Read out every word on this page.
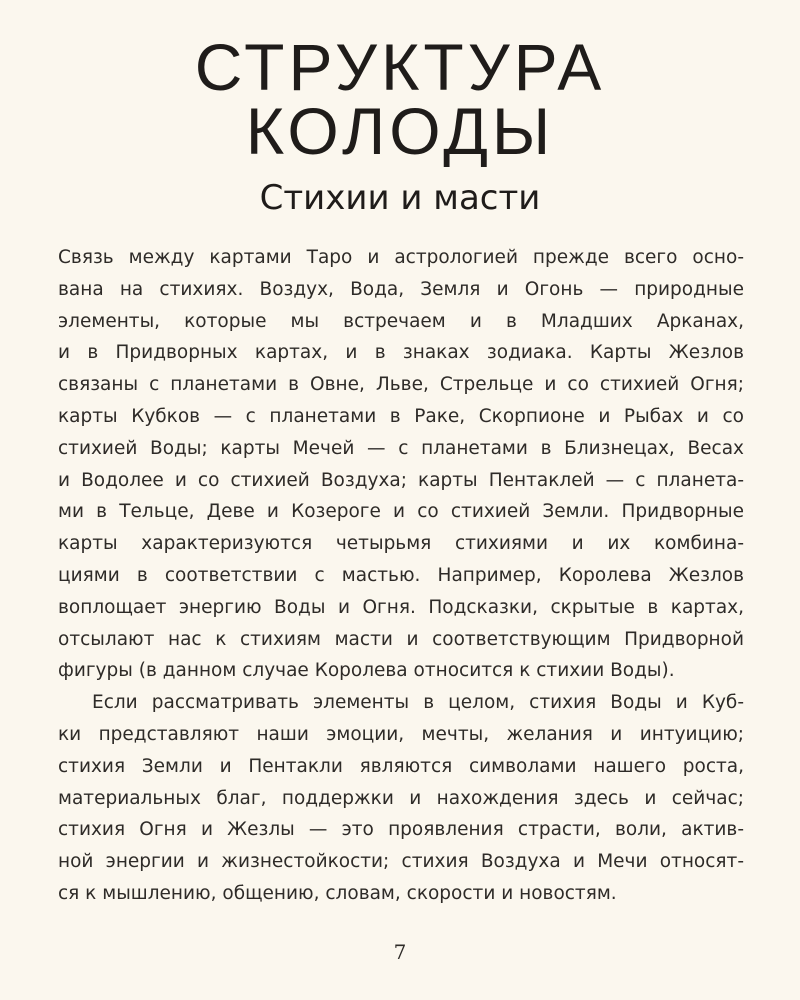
СТРУКТУРА
КОЛОДЫ
Стихии и масти
Связь между картами Таро и астрологией прежде всего осно-
вана на стихиях. Воздух, Вода, Земля и Огонь — природные
элементы, которые мы встречаем и в Младших Арканах,
и в Придворных картах, и в знаках зодиака. Карты Жезлов
связаны с планетами в Овне, Льве, Стрельце и со стихией Огня;
карты Кубков — с планетами в Раке, Скорпионе и Рыбах и со
стихией Воды; карты Мечей — с планетами в Близнецах, Весах
и Водолее и со стихией Воздуха; карты Пентаклей — с планета-
ми в Тельце, Деве и Козероге и со стихией Земли. Придворные
карты характеризуются четырьмя стихиями и их комбина-
циями в соответствии с мастью. Например, Королева Жезлов
воплощает энергию Воды и Огня. Подсказки, скрытые в картах,
отсылают нас к стихиям масти и соответствующим Придворной
фигуры (в данном случае Королева относится к стихии Воды).
Если рассматривать элементы в целом, стихия Воды и Куб-
ки представляют наши эмоции, мечты, желания и интуицию;
стихия Земли и Пентакли являются символами нашего роста,
материальных благ, поддержки и нахождения здесь и сейчас;
стихия Огня и Жезлы — это проявления страсти, воли, актив-
ной энергии и жизнестойкости; стихия Воздуха и Мечи относят-
ся к мышлению, общению, словам, скорости и новостям.
7
